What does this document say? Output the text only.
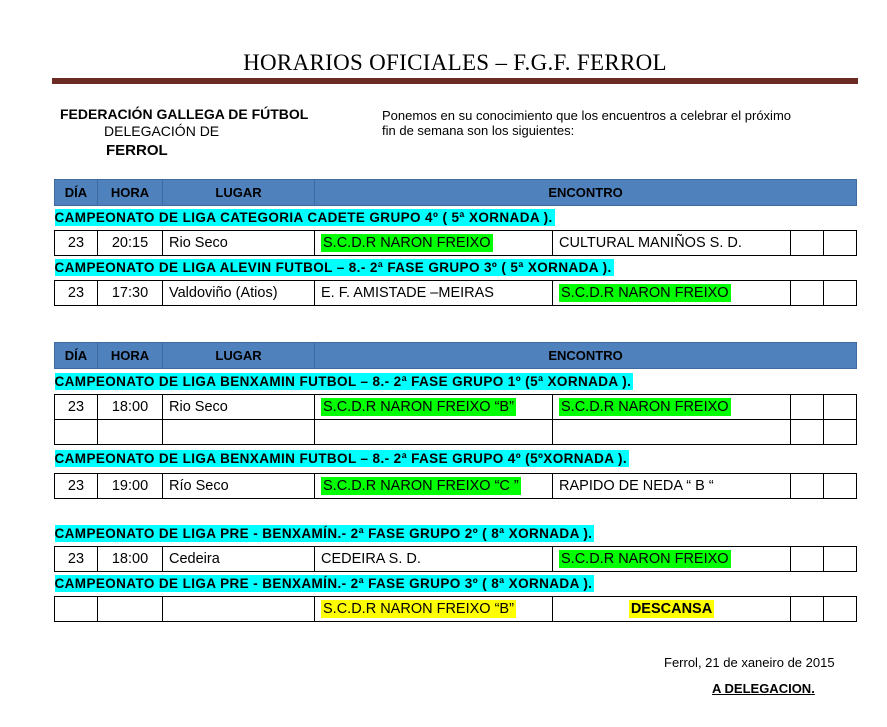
HORARIOS OFICIALES – F.G.F. FERROL
FEDERACIÓN GALLEGA DE FÚTBOL
DELEGACIÓN DE
FERROL
Ponemos en su conocimiento que los encuentros a celebrar el próximo fin de semana son los siguientes:
DÍA	HORA	LUGAR	ENCONTRO			
CAMPEONATO DE LIGA CATEGORIA CADETE GRUPO 4º ( 5ª XORNADA ).						
23	20:15	Rio Seco	S.C.D.R NARON FREIXO	CULTURAL MANIÑOS S. D.		
CAMPEONATO DE LIGA ALEVIN FUTBOL – 8.- 2ª FASE GRUPO 3º ( 5ª XORNADA ).						
23	17:30	Valdoviño (Atios)	E. F. AMISTADE –MEIRAS	S.C.D.R NARON FREIXO		
DÍA	HORA	LUGAR	ENCONTRO			
CAMPEONATO DE LIGA BENXAMIN FUTBOL – 8.- 2ª FASE GRUPO 1º (5ª XORNADA ).						
23	18:00	Rio Seco	S.C.D.R NARON FREIXO “B”	S.C.D.R NARON FREIXO		

CAMPEONATO DE LIGA BENXAMIN FUTBOL – 8.- 2ª FASE GRUPO 4º (5ºXORNADA ).						
23	19:00	Río Seco	S.C.D.R NARON FREIXO “C ”	RAPIDO DE NEDA “ B “		

CAMPEONATO DE LIGA PRE - BENXAMÍN.- 2ª FASE GRUPO 2º ( 8ª XORNADA ).						
23	18:00	Cedeira	CEDEIRA S. D.	S.C.D.R NARON FREIXO		
CAMPEONATO DE LIGA PRE - BENXAMÍN.- 2ª FASE GRUPO 3º ( 8ª XORNADA ).						
			S.C.D.R NARON FREIXO “B”	DESCANSA		
Ferrol, 21 de xaneiro de 2015
A DELEGACION.
